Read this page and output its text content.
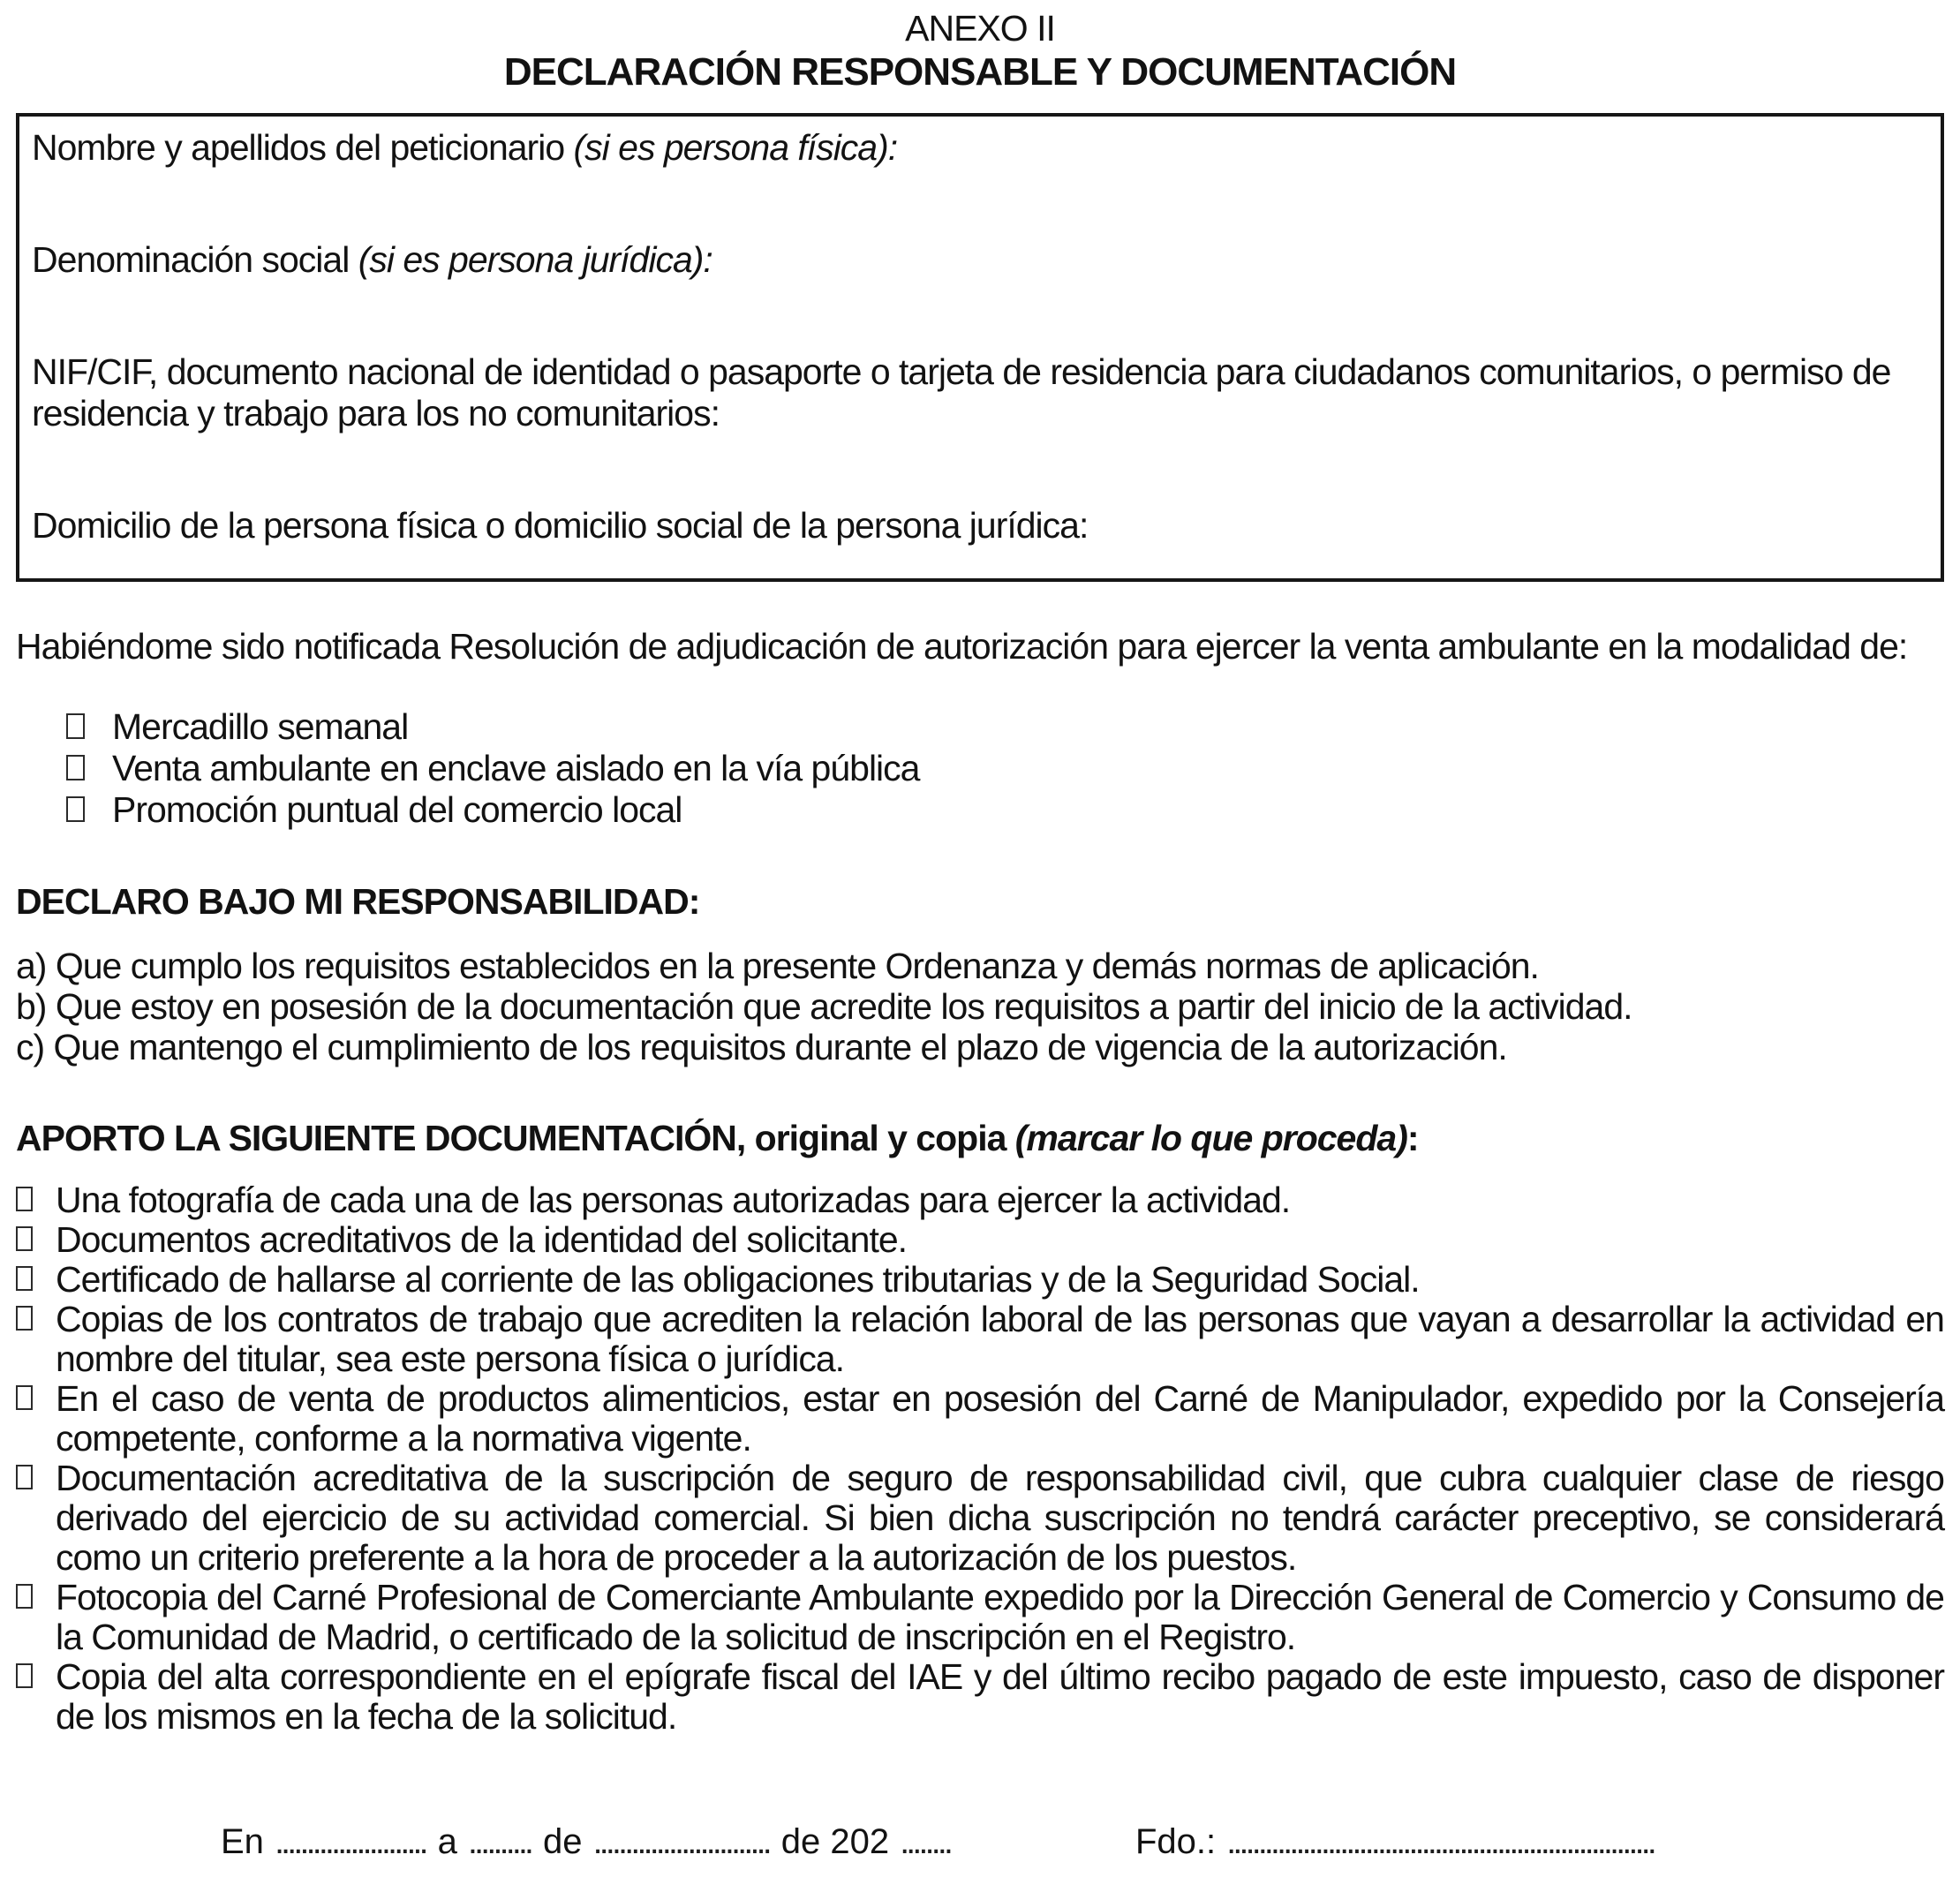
ANEXO II
DECLARACIÓN RESPONSABLE Y DOCUMENTACIÓN

Nombre y apellidos del peticionario (si es persona física):

Denominación social (si es persona jurídica):

NIF/CIF, documento nacional de identidad o pasaporte o tarjeta de residencia para ciudadanos comunitarios, o permiso de residencia y trabajo para los no comunitarios:

Domicilio de la persona física o domicilio social de la persona jurídica:

Habiéndome sido notificada Resolución de adjudicación de autorización para ejercer la venta ambulante en la modalidad de:

Mercadillo semanal
Venta ambulante en enclave aislado en la vía pública
Promoción puntual del comercio local
DECLARO BAJO MI RESPONSABILIDAD:
a) Que cumplo los requisitos establecidos en la presente Ordenanza y demás normas de aplicación.
b) Que estoy en posesión de la documentación que acredite los requisitos a partir del inicio de la actividad.
c) Que mantengo el cumplimiento de los requisitos durante el plazo de vigencia de la autorización.
APORTO LA SIGUIENTE DOCUMENTACIÓN, original y copia (marcar lo que proceda):
Una fotografía de cada una de las personas autorizadas para ejercer la actividad.
Documentos acreditativos de la identidad del solicitante.
Certificado de hallarse al corriente de las obligaciones tributarias y de la Seguridad Social.
Copias de los contratos de trabajo que acrediten la relación laboral de las personas que vayan a desarrollar la actividad en nombre del titular, sea este persona física o jurídica.
En el caso de venta de productos alimenticios, estar en posesión del Carné de Manipulador, expedido por la Consejería competente, conforme a la normativa vigente.
Documentación acreditativa de la suscripción de seguro de responsabilidad civil, que cubra cualquier clase de riesgo derivado del ejercicio de su actividad comercial. Si bien dicha suscripción no tendrá carácter preceptivo, se considerará como un criterio preferente a la hora de proceder a la autorización de los puestos.
Fotocopia del Carné Profesional de Comerciante Ambulante expedido por la Dirección General de Comercio y Consumo de la Comunidad de Madrid, o certificado de la solicitud de inscripción en el Registro.
Copia del alta correspondiente en el epígrafe fiscal del IAE y del último recibo pagado de este impuesto, caso de disponer de los mismos en la fecha de la solicitud.
En ........................ a .......... de ............................ de 202 ........	Fdo.: ....................................................................
